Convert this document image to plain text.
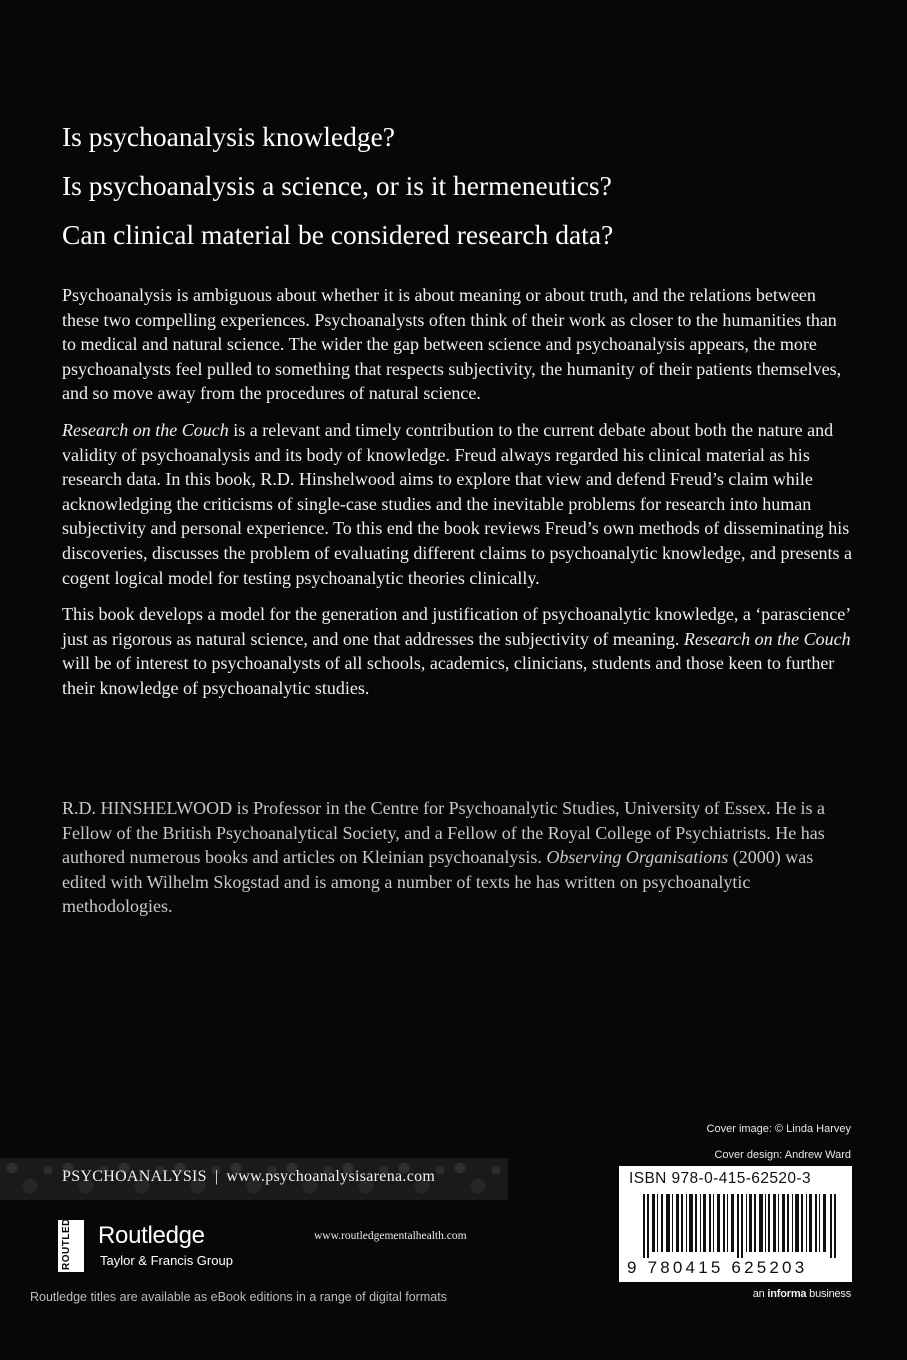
Is psychoanalysis knowledge?
Is psychoanalysis a science, or is it hermeneutics?
Can clinical material be considered research data?

Psychoanalysis is ambiguous about whether it is about meaning or about truth, and the relations between these two compelling experiences. Psychoanalysts often think of their work as closer to the humanities than to medical and natural science. The wider the gap between science and psychoanalysis appears, the more psychoanalysts feel pulled to something that respects subjectivity, the humanity of their patients themselves, and so move away from the procedures of natural science.

Research on the Couch is a relevant and timely contribution to the current debate about both the nature and validity of psychoanalysis and its body of knowledge. Freud always regarded his clinical material as his research data. In this book, R.D. Hinshelwood aims to explore that view and defend Freud’s claim while acknowledging the criticisms of single-case studies and the inevitable problems for research into human subjectivity and personal experience. To this end the book reviews Freud’s own methods of disseminating his discoveries, discusses the problem of evaluating different claims to psychoanalytic knowledge, and presents a cogent logical model for testing psychoanalytic theories clinically.

This book develops a model for the generation and justification of psychoanalytic knowledge, a ‘parascience’ just as rigorous as natural science, and one that addresses the subjectivity of meaning. Research on the Couch will be of interest to psychoanalysts of all schools, academics, clinicians, students and those keen to further their knowledge of psychoanalytic studies.

R.D. HINSHELWOOD is Professor in the Centre for Psychoanalytic Studies, University of Essex. He is a Fellow of the British Psychoanalytical Society, and a Fellow of the Royal College of Psychiatrists. He has authored numerous books and articles on Kleinian psychoanalysis. Observing Organisations (2000) was edited with Wilhelm Skogstad and is among a number of texts he has written on psychoanalytic methodologies.

Cover image: © Linda Harvey
Cover design: Andrew Ward
PSYCHOANALYSIS | www.psychoanalysisarena.com	ISBN 978-0-415-62520-3
9 780415 625203
ROUTLEDGE Routledge
Taylor & Francis Group
www.routledgementalhealth.com
an informa business
Routledge titles are available as eBook editions in a range of digital formats
